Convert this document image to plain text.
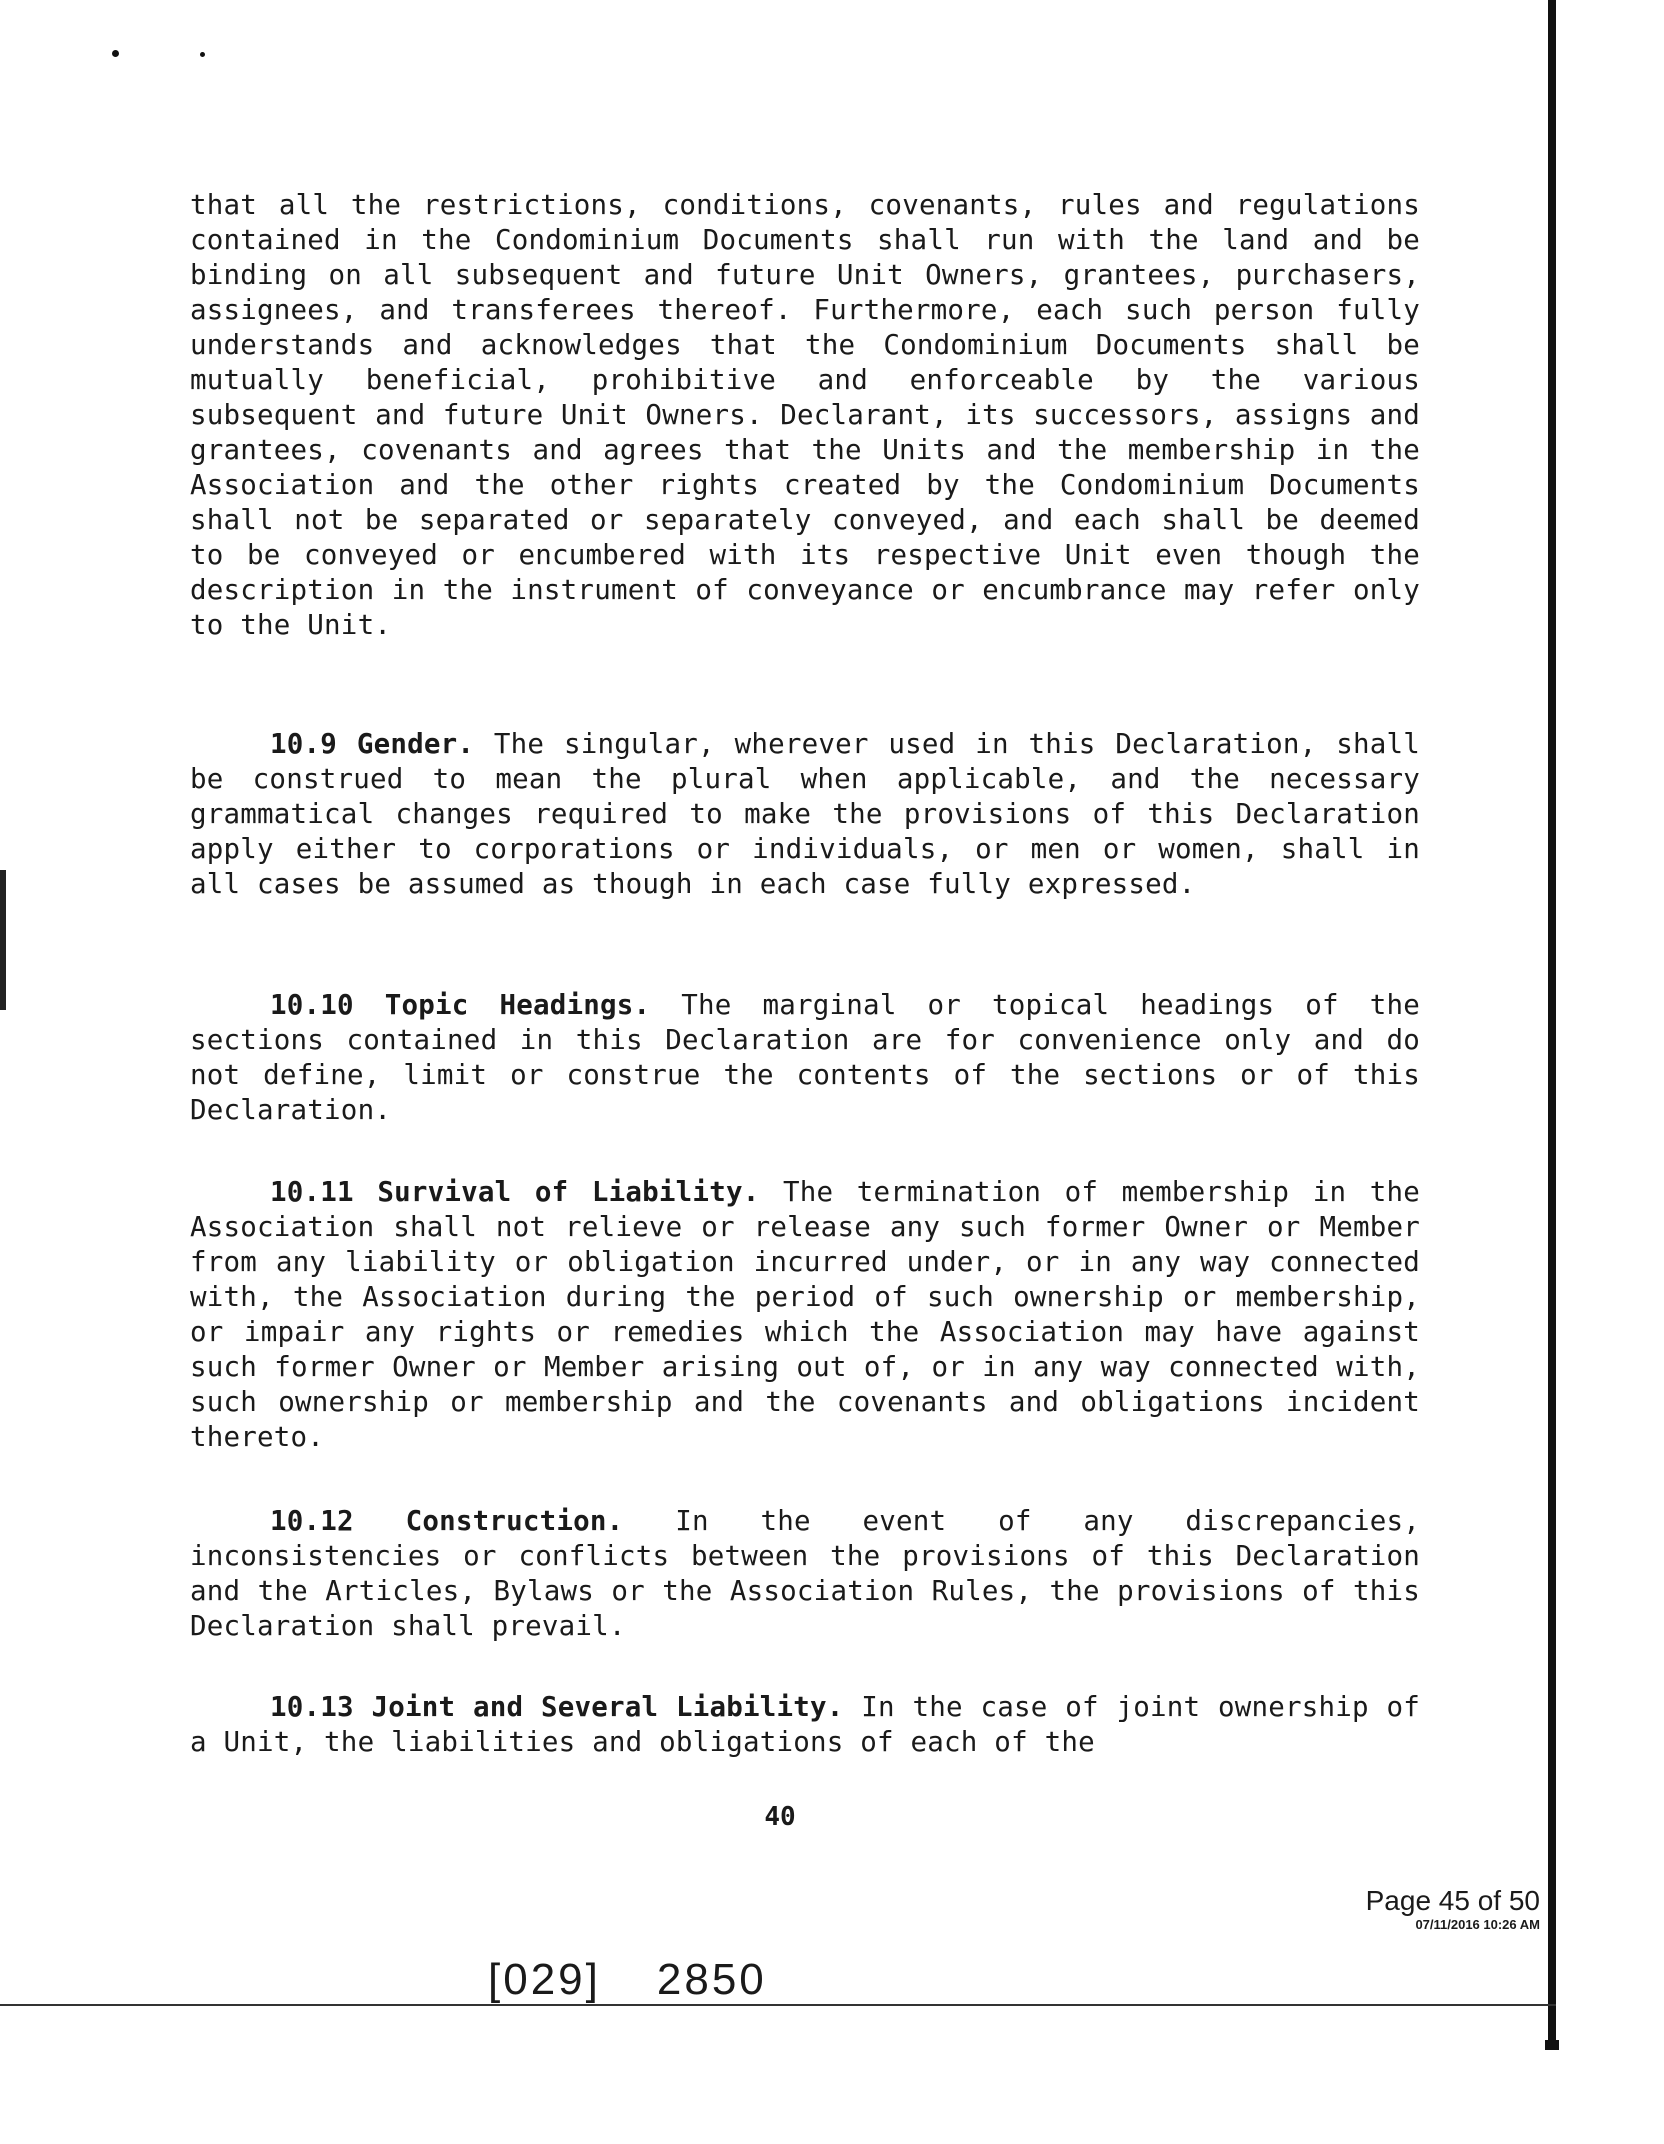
that all the restrictions, conditions, covenants, rules and regulations contained in the Condominium Documents shall run with the land and be binding on all subsequent and future Unit Owners, grantees, purchasers, assignees, and transferees thereof. Furthermore, each such person fully understands and acknowledges that the Condominium Documents shall be mutually beneficial, prohibitive and enforceable by the various subsequent and future Unit Owners. Declarant, its successors, assigns and grantees, covenants and agrees that the Units and the membership in the Association and the other rights created by the Condominium Documents shall not be separated or separately conveyed, and each shall be deemed to be conveyed or encumbered with its respective Unit even though the description in the instrument of conveyance or encumbrance may refer only to the Unit.

10.9 Gender. The singular, wherever used in this Declaration, shall be construed to mean the plural when applicable, and the necessary grammatical changes required to make the provisions of this Declaration apply either to corporations or individuals, or men or women, shall in all cases be assumed as though in each case fully expressed.

10.10 Topic Headings. The marginal or topical headings of the sections contained in this Declaration are for convenience only and do not define, limit or construe the contents of the sections or of this Declaration.

10.11 Survival of Liability. The termination of membership in the Association shall not relieve or release any such former Owner or Member from any liability or obligation incurred under, or in any way connected with, the Association during the period of such ownership or membership, or impair any rights or remedies which the Association may have against such former Owner or Member arising out of, or in any way connected with, such ownership or membership and the covenants and obligations incident thereto.

10.12 Construction. In the event of any discrepancies, inconsistencies or conflicts between the provisions of this Declaration and the Articles, Bylaws or the Association Rules, the provisions of this Declaration shall prevail.

10.13 Joint and Several Liability. In the case of joint ownership of a Unit, the liabilities and obligations of each of the

40
Page 45 of 50
07/11/2016 10:26 AM
[029] 2850
